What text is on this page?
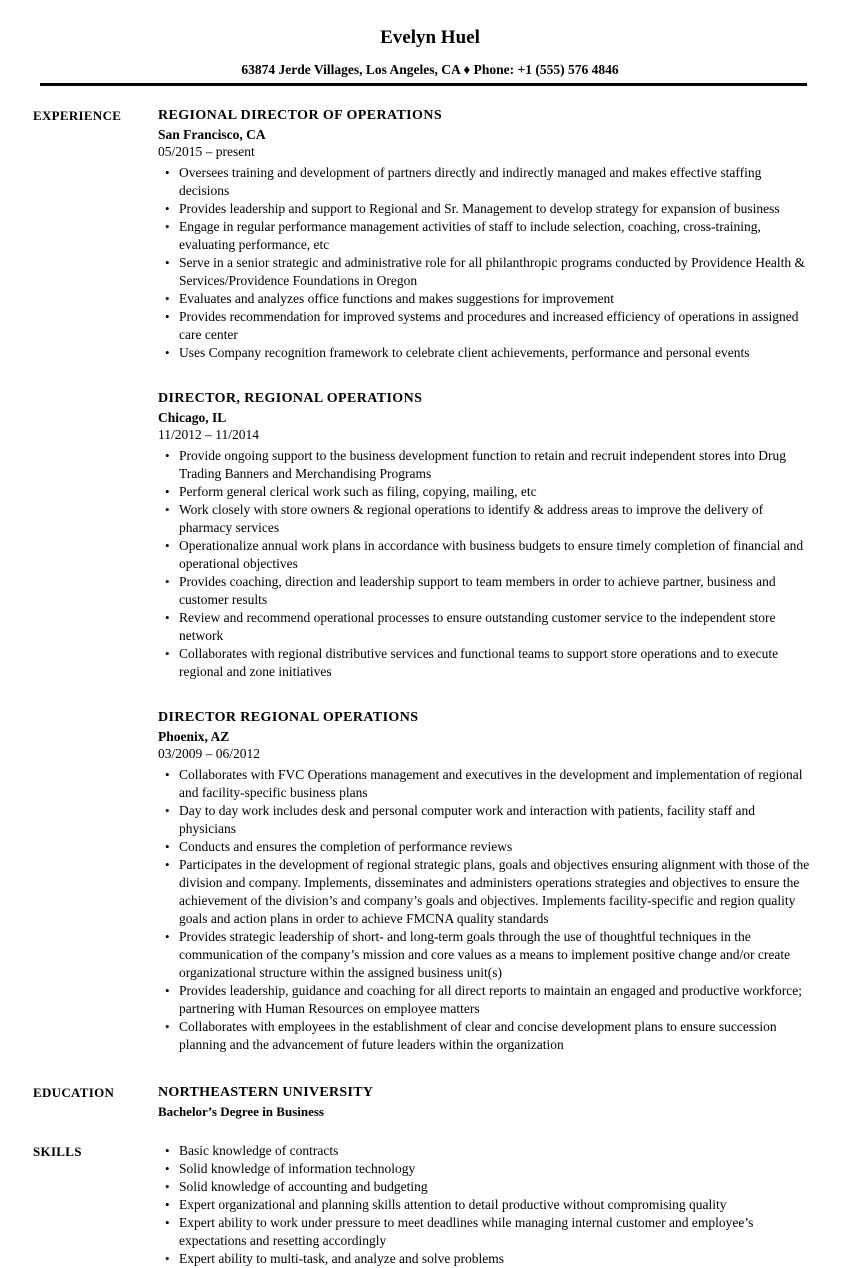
Evelyn Huel
63874 Jerde Villages, Los Angeles, CA ♦ Phone: +1 (555) 576 4846
EXPERIENCE	REGIONAL DIRECTOR OF OPERATIONS
San Francisco, CA
05/2015 – present
• Oversees training and development of partners directly and indirectly managed and makes effective staffing decisions
• Provides leadership and support to Regional and Sr. Management to develop strategy for expansion of business
• Engage in regular performance management activities of staff to include selection, coaching, cross-training, evaluating performance, etc
• Serve in a senior strategic and administrative role for all philanthropic programs conducted by Providence Health & Services/Providence Foundations in Oregon
• Evaluates and analyzes office functions and makes suggestions for improvement
• Provides recommendation for improved systems and procedures and increased efficiency of operations in assigned care center
• Uses Company recognition framework to celebrate client achievements, performance and personal events
DIRECTOR, REGIONAL OPERATIONS
Chicago, IL
11/2012 – 11/2014
• Provide ongoing support to the business development function to retain and recruit independent stores into Drug Trading Banners and Merchandising Programs
• Perform general clerical work such as filing, copying, mailing, etc
• Work closely with store owners & regional operations to identify & address areas to improve the delivery of pharmacy services
• Operationalize annual work plans in accordance with business budgets to ensure timely completion of financial and operational objectives
• Provides coaching, direction and leadership support to team members in order to achieve partner, business and customer results
• Review and recommend operational processes to ensure outstanding customer service to the independent store network
• Collaborates with regional distributive services and functional teams to support store operations and to execute regional and zone initiatives
DIRECTOR REGIONAL OPERATIONS
Phoenix, AZ
03/2009 – 06/2012
• Collaborates with FVC Operations management and executives in the development and implementation of regional and facility-specific business plans
• Day to day work includes desk and personal computer work and interaction with patients, facility staff and physicians
• Conducts and ensures the completion of performance reviews
• Participates in the development of regional strategic plans, goals and objectives ensuring alignment with those of the division and company. Implements, disseminates and administers operations strategies and objectives to ensure the achievement of the division’s and company’s goals and objectives. Implements facility-specific and region quality goals and action plans in order to achieve FMCNA quality standards
• Provides strategic leadership of short- and long-term goals through the use of thoughtful techniques in the communication of the company’s mission and core values as a means to implement positive change and/or create organizational structure within the assigned business unit(s)
• Provides leadership, guidance and coaching for all direct reports to maintain an engaged and productive workforce; partnering with Human Resources on employee matters
• Collaborates with employees in the establishment of clear and concise development plans to ensure succession planning and the advancement of future leaders within the organization
EDUCATION	NORTHEASTERN UNIVERSITY
Bachelor’s Degree in Business
SKILLS	• Basic knowledge of contracts
• Solid knowledge of information technology
• Solid knowledge of accounting and budgeting
• Expert organizational and planning skills attention to detail productive without compromising quality
• Expert ability to work under pressure to meet deadlines while managing internal customer and employee’s expectations and resetting accordingly
• Expert ability to multi-task, and analyze and solve problems
